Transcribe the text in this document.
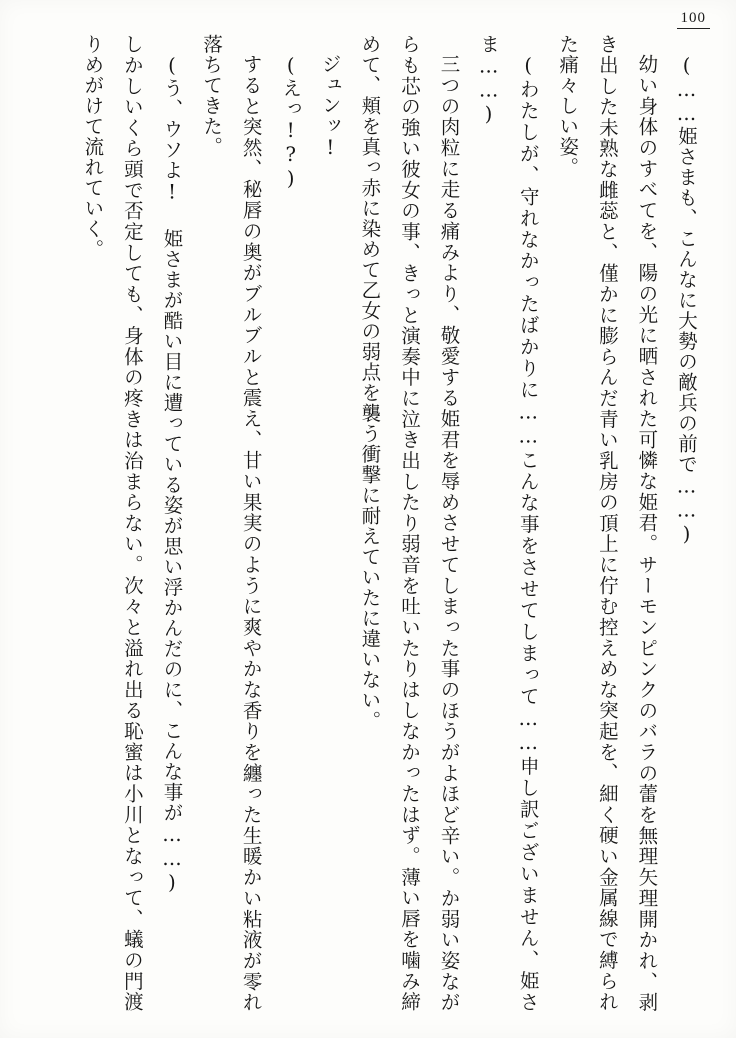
100
(……姫さまも、こんなに大勢の敵兵の前で……)
幼い身体のすべてを、陽の光に晒された可憐な姫君。サーモンピンクのバラの蕾を無理矢理開かれ、剥き出した未熟な雌蕊と、僅かに膨らんだ青い乳房の頂上に佇む控えめな突起を、細く硬い金属線で縛られた痛々しい姿。
(わたしが、守れなかったばかりに……こんな事をさせてしまって……申し訳ございません、姫さま……)
三つの肉粒に走る痛みより、敬愛する姫君を辱めさせてしまった事のほうがよほど辛い。か弱い姿ながらも芯の強い彼女の事、きっと演奏中に泣き出したり弱音を吐いたりはしなかったはず。薄い唇を噛み締めて、頬を真っ赤に染めて乙女の弱点を襲う衝撃に耐えていたに違いない。
ジュンッ!
(えっ!?)
すると突然、秘唇の奥がブルブルと震え、甘い果実のように爽やかな香りを纏った生暖かい粘液が零れ落ちてきた。
(う、ウソよ! 姫さまが酷い目に遭っている姿が思い浮かんだのに、こんな事が……)
しかしいくら頭で否定しても、身体の疼きは治まらない。次々と溢れ出る恥蜜は小川となって、蟻の門渡りめがけて流れていく。
